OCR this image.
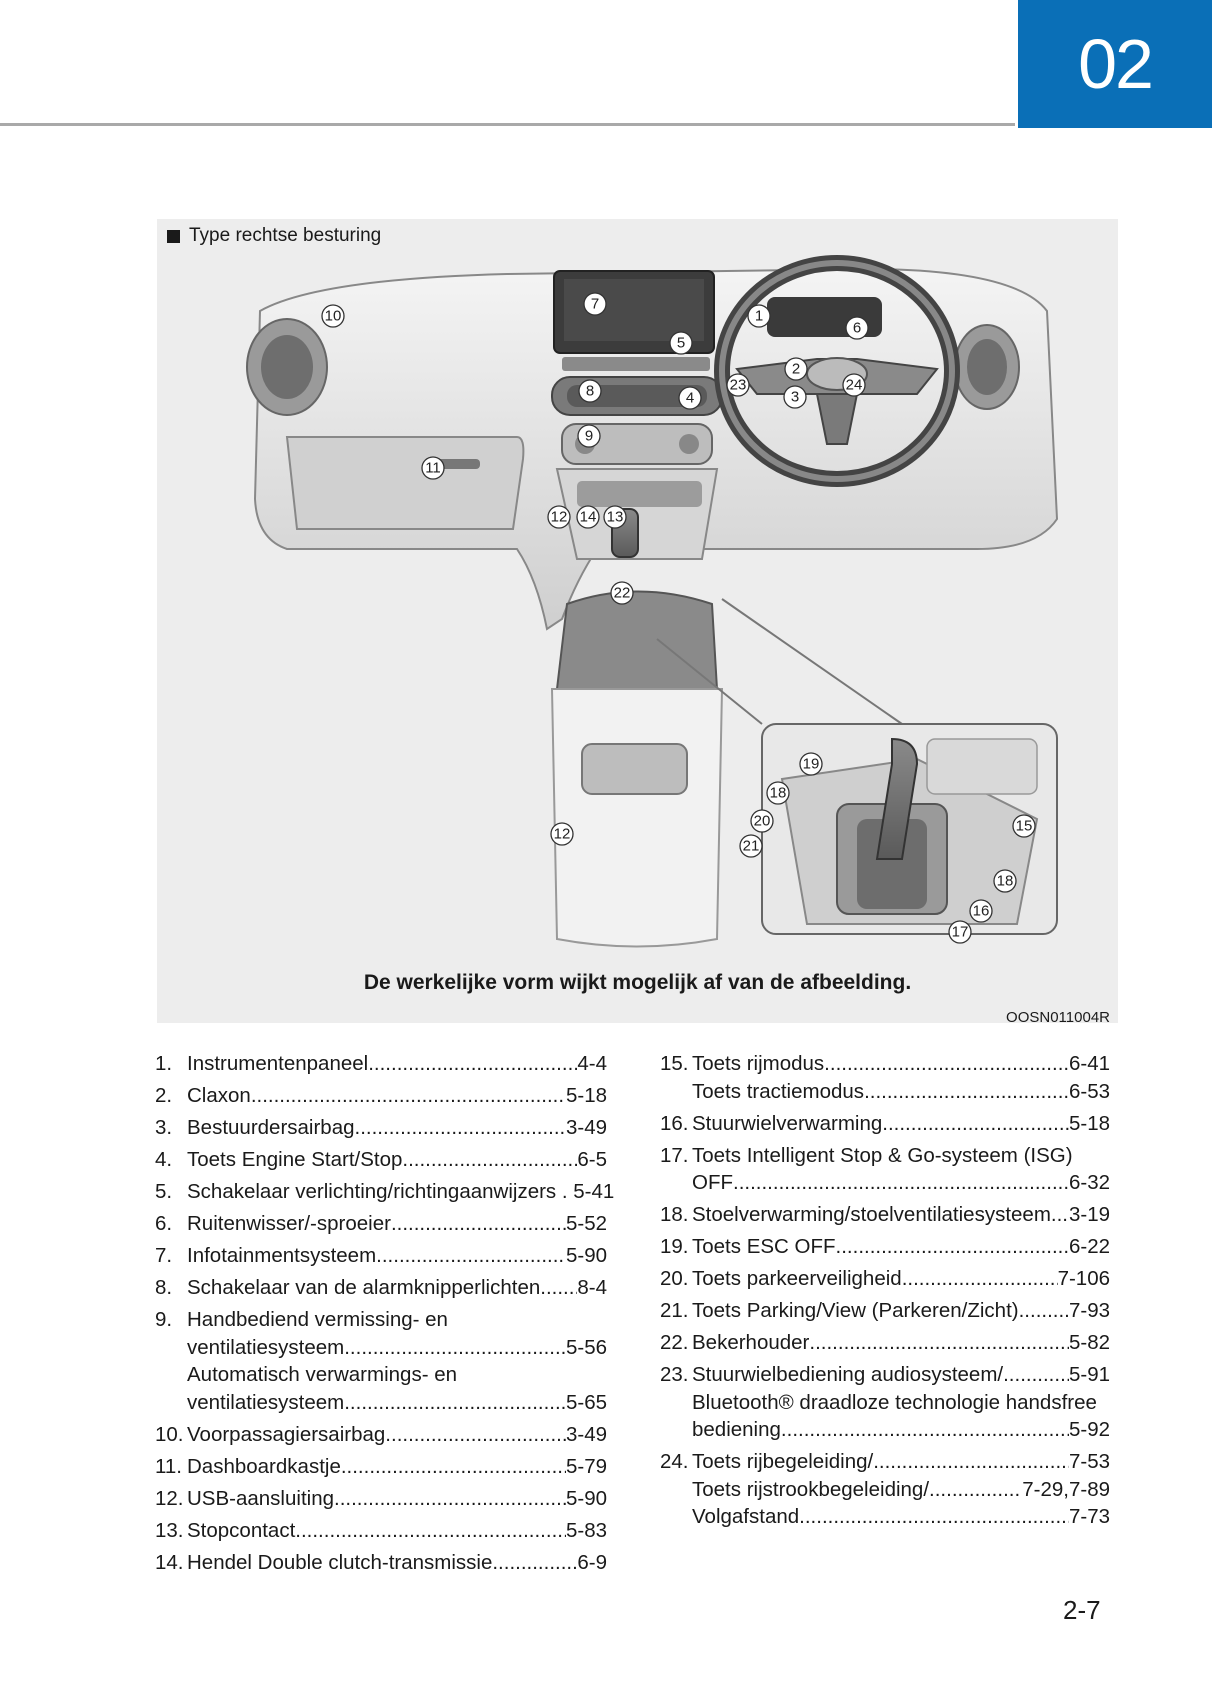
02
1
2
3
4
5
6
7
8
9
10
11
12
12
13
14
15
16
17
18
18
19
20
21
22
23	24
Type rechtse besturing
De werkelijke vorm wijkt mogelijk af van de afbeelding.
OOSN011004R
1. Instrumentenpaneel .....	4-4
2. Claxon .....	5-18
3. Bestuurdersairbag .....	3-49
4. Toets Engine Start/Stop .....	6-5
5. Schakelaar verlichting/richtingaanwijzers . 5-41
6. Ruitenwisser/-sproeier .....	5-52
7. Infotainmentsysteem .....	5-90
8. Schakelaar van de alarmknipperlichten ..... 8-4
9. Handbediend vermissing- en
ventilatiesysteem .....	5-56
Automatisch verwarmings- en
ventilatiesysteem .....	5-65
10. Voorpassagiersairbag .....	3-49
11. Dashboardkastje .....	5-79
12. USB-aansluiting .....	5-90
13. Stopcontact .....	5-83
14. Hendel Double clutch-transmissie .....	6-9
15. Toets rijmodus .....	6-41
Toets tractiemodus .....	6-53
16. Stuurwielverwarming .....	5-18
17. Toets Intelligent Stop & Go-systeem (ISG)
OFF .....	6-32
18. Stoelverwarming/stoelventilatiesysteem ..... 3-19
19. Toets ESC OFF .....	6-22
20. Toets parkeerveiligheid .....	7-106
21. Toets Parking/View (Parkeren/Zicht) ..... 7-93
22. Bekerhouder .....	5-82
23. Stuurwielbediening audiosysteem/ .....	5-91
Bluetooth® draadloze technologie handsfree
bediening .....	5-92
24. Toets rijbegeleiding/ .....	7-53
Toets rijstrookbegeleiding/ .....	7-29,7-89
Volgafstand .....	7-73
2-7
